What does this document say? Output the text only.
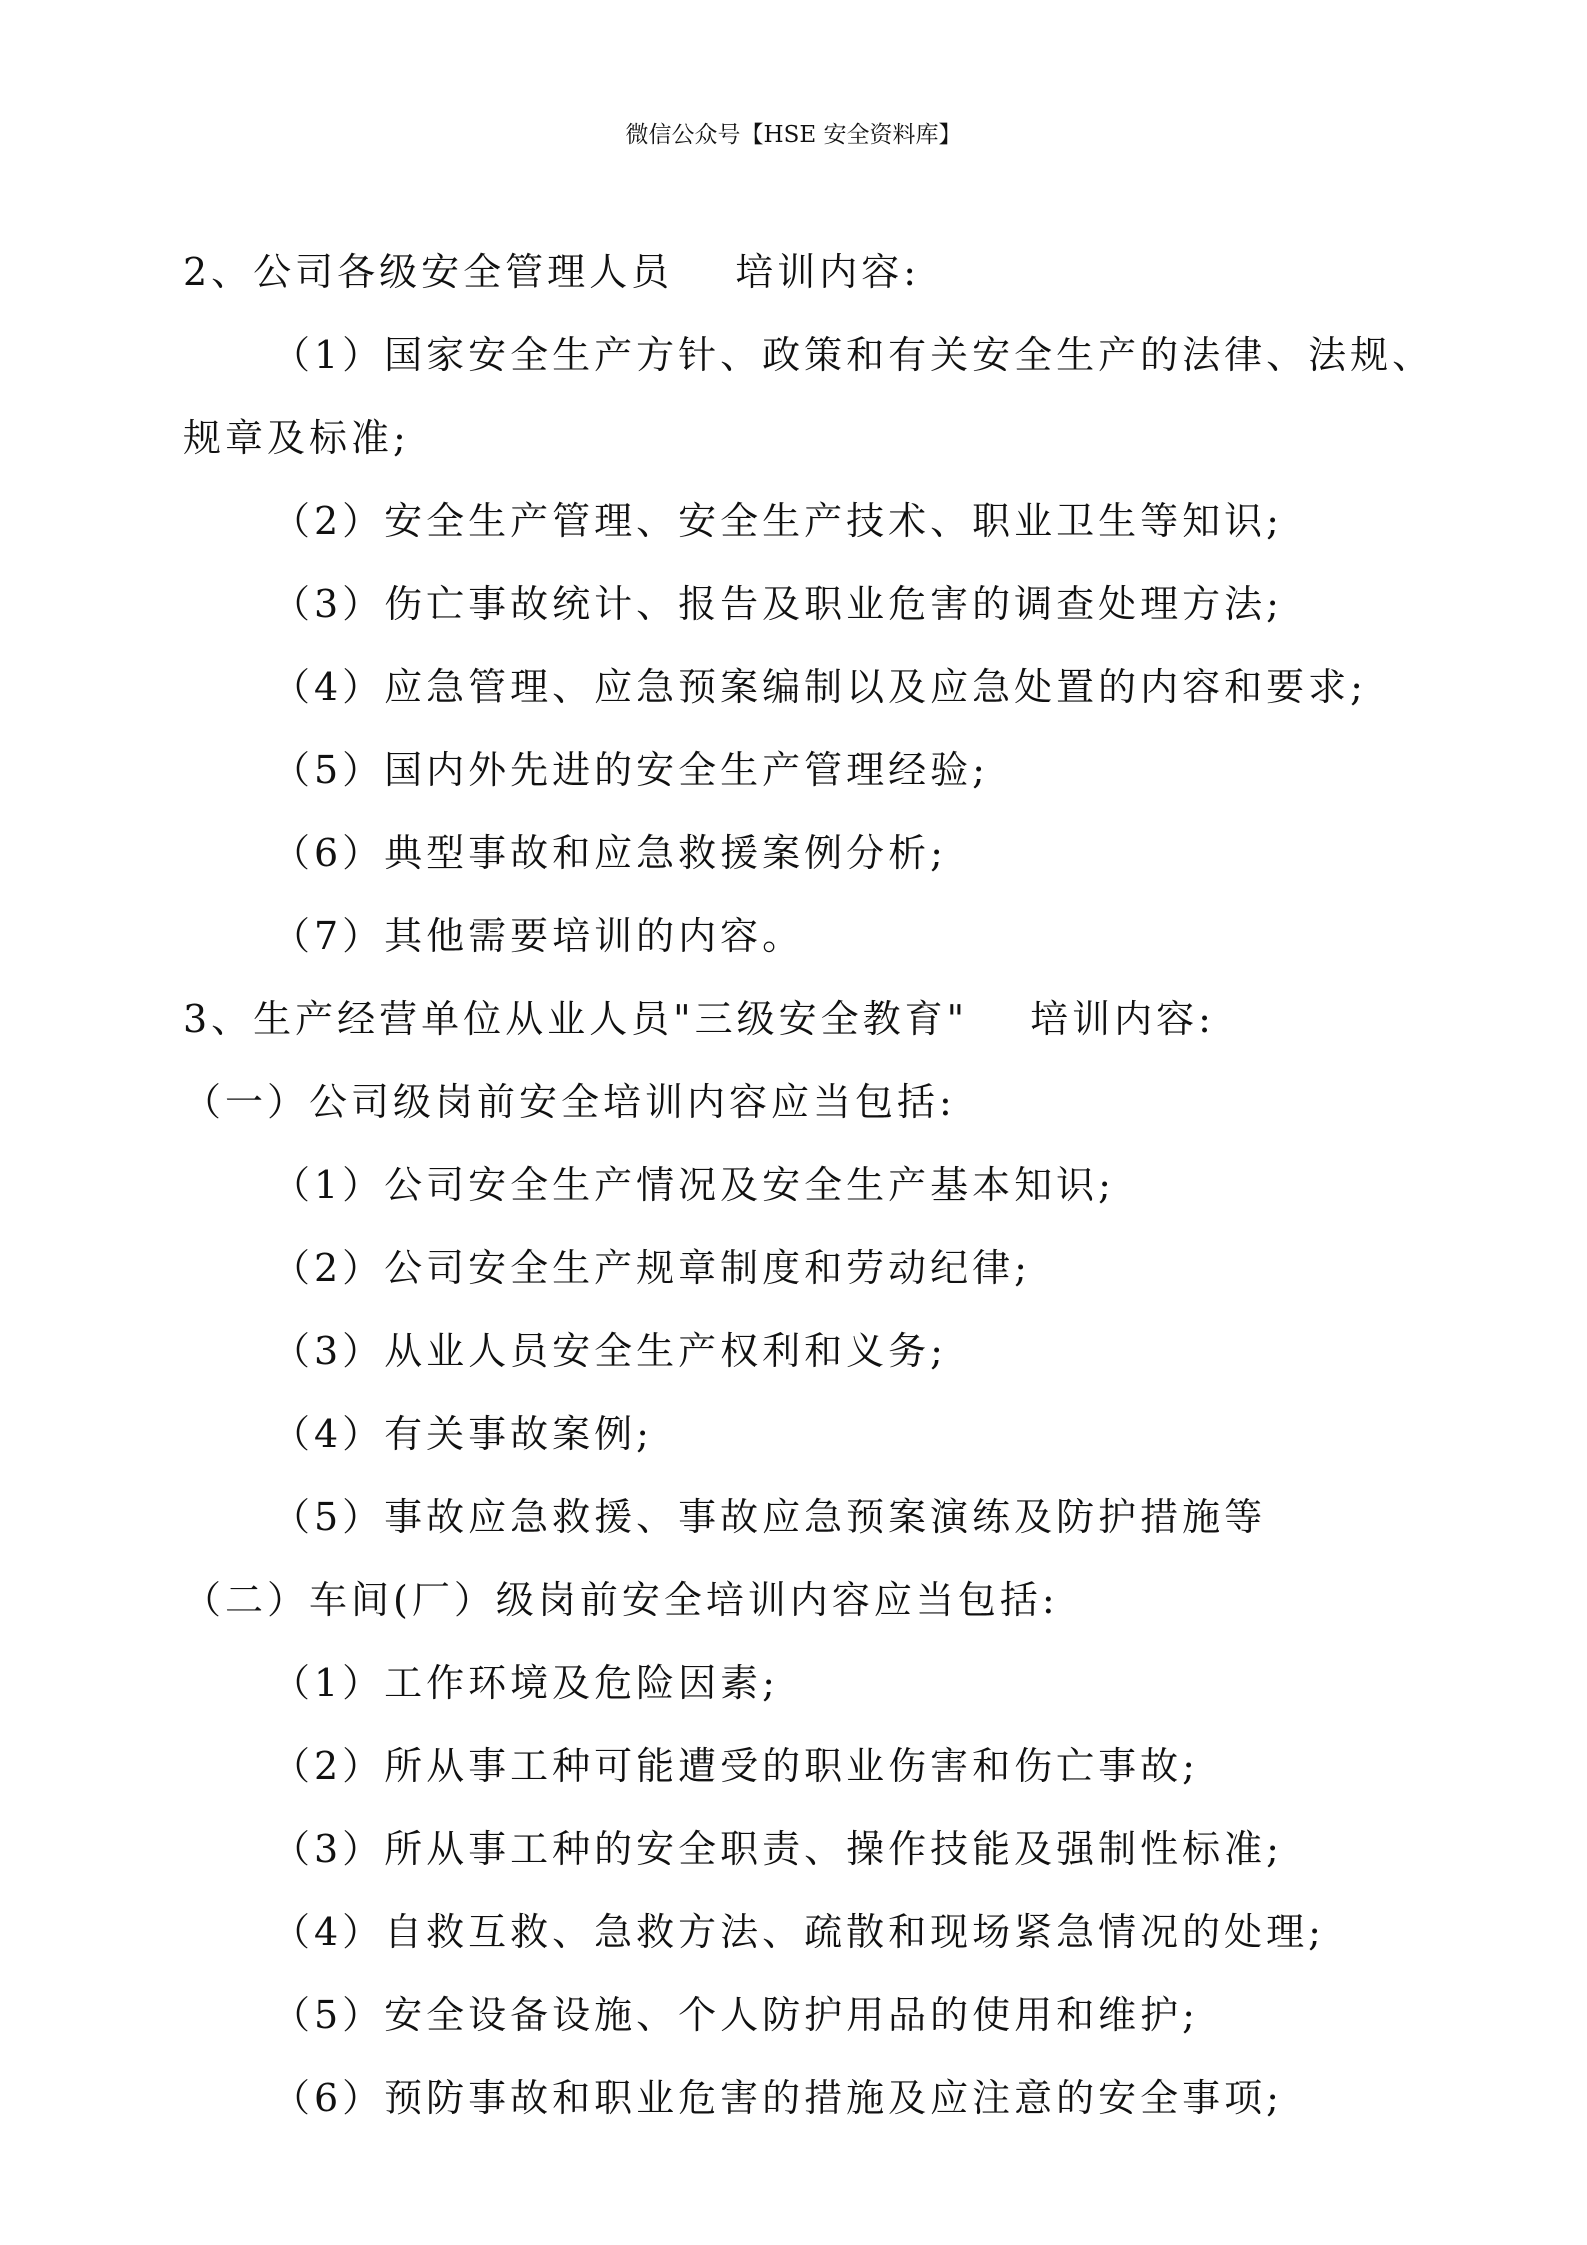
微信公众号【HSE 安全资料库】
2、公司各级安全管理人员 培训内容:
（1）国家安全生产方针、政策和有关安全生产的法律、法规、
规章及标准;
（2）安全生产管理、安全生产技术、职业卫生等知识;
（3）伤亡事故统计、报告及职业危害的调查处理方法;
（4）应急管理、应急预案编制以及应急处置的内容和要求;
（5）国内外先进的安全生产管理经验;
（6）典型事故和应急救援案例分析;
（7）其他需要培训的内容。
3、生产经营单位从业人员"三级安全教育" 培训内容:
（一）公司级岗前安全培训内容应当包括:
（1）公司安全生产情况及安全生产基本知识;
（2）公司安全生产规章制度和劳动纪律;
（3）从业人员安全生产权利和义务;
（4）有关事故案例;
（5）事故应急救援、事故应急预案演练及防护措施等
（二）车间(厂）级岗前安全培训内容应当包括:
（1）工作环境及危险因素;
（2）所从事工种可能遭受的职业伤害和伤亡事故;
（3）所从事工种的安全职责、操作技能及强制性标准;
（4）自救互救、急救方法、疏散和现场紧急情况的处理;
（5）安全设备设施、个人防护用品的使用和维护;
（6）预防事故和职业危害的措施及应注意的安全事项;
